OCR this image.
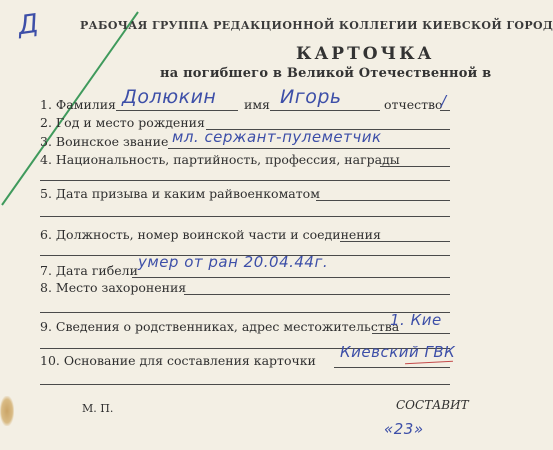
Д	РАБОЧАЯ ГРУППА РЕДАКЦИОННОЙ КОЛЛЕГИИ КИЕВСКОЙ ГОРОД
КАРТОЧКА
на погибшего в Великой Отечественной в
1. Фамилия Долюкин имя Игорь	отчество
/
2. Год и место рождения
3. Воинское звание мл. сержант-пулеметчик
4. Национальность, партийность, профессия, награды
5. Дата призыва и каким райвоенкоматом
6. Должность, номер воинской части и соединения
7. Дата гибели умер от ран 20.04.44г.
8. Место захоронения
9. Сведения о родственниках, адрес местожительства
1. Кие
10. Основание для составления карточки Киевский ГВК
М. П.	СОСТАВИТ
«23»
